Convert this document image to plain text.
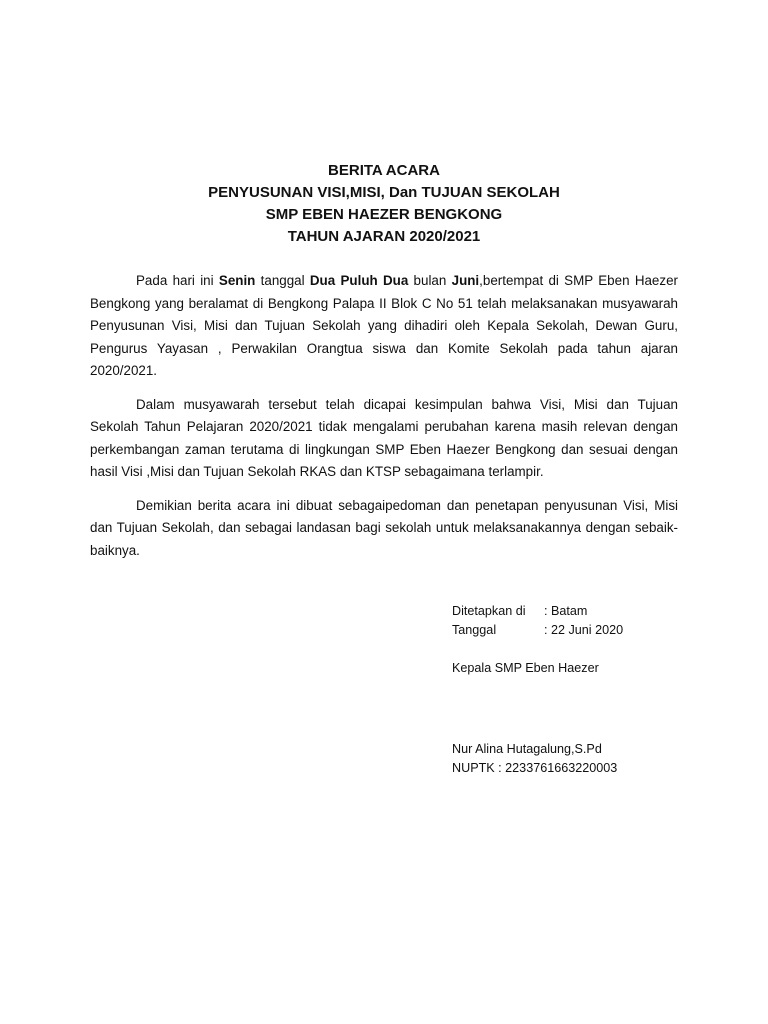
BERITA ACARA
PENYUSUNAN VISI,MISI, Dan TUJUAN SEKOLAH
SMP EBEN HAEZER BENGKONG
TAHUN AJARAN 2020/2021

Pada hari ini Senin tanggal Dua Puluh Dua bulan Juni,bertempat di SMP Eben Haezer Bengkong yang beralamat di Bengkong Palapa II Blok C No 51 telah melaksanakan musyawarah Penyusunan Visi, Misi dan Tujuan Sekolah yang dihadiri oleh Kepala Sekolah, Dewan Guru, Pengurus Yayasan , Perwakilan Orangtua siswa dan Komite Sekolah pada tahun ajaran 2020/2021.

Dalam musyawarah tersebut telah dicapai kesimpulan bahwa Visi, Misi dan Tujuan Sekolah Tahun Pelajaran 2020/2021 tidak mengalami perubahan karena masih relevan dengan perkembangan zaman terutama di lingkungan SMP Eben Haezer Bengkong dan sesuai dengan hasil Visi ,Misi dan Tujuan Sekolah RKAS dan KTSP sebagaimana terlampir.

Demikian berita acara ini dibuat sebagaipedoman dan penetapan penyusunan Visi, Misi dan Tujuan Sekolah, dan sebagai landasan bagi sekolah untuk melaksanakannya dengan sebaik-baiknya.

Ditetapkan di	: Batam
Tanggal	: 22 Juni 2020
Kepala SMP Eben Haezer
Nur Alina Hutagalung,S.Pd
NUPTK : 2233761663220003
